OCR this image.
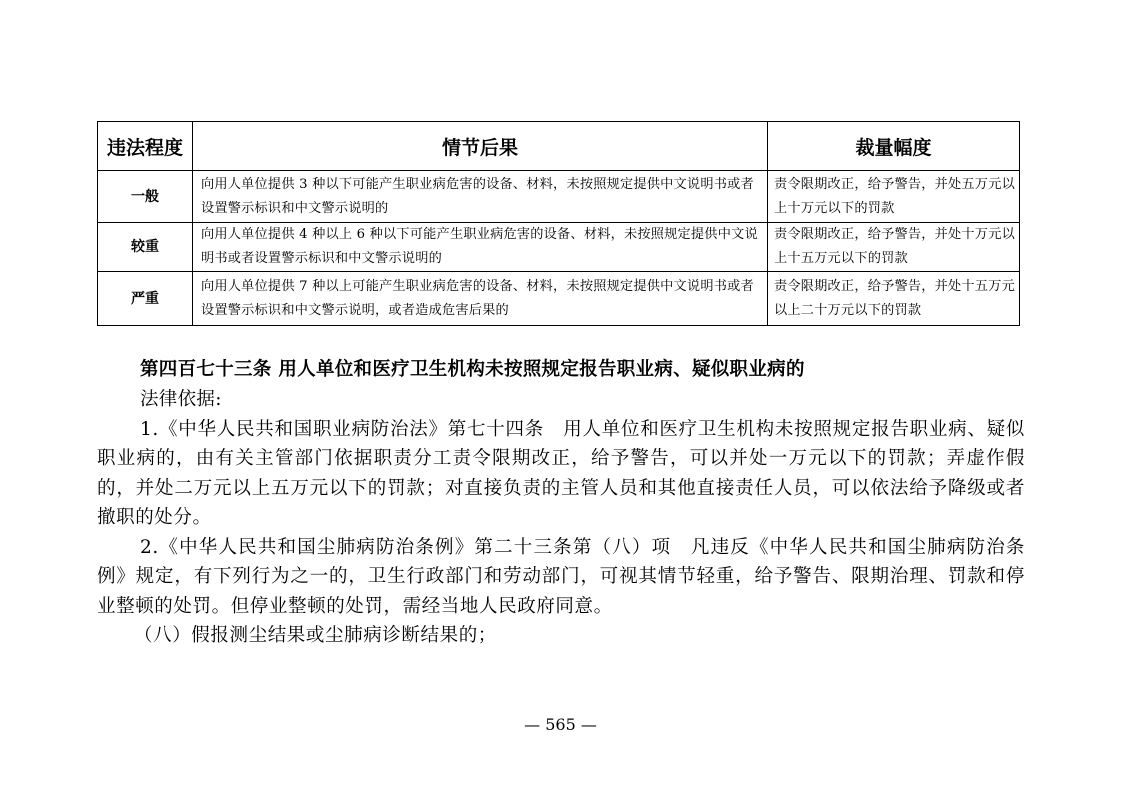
违法程度	情节后果	裁量幅度
一般	向用人单位提供 3 种以下可能产生职业病危害的设备、材料，未按照规定提供中文说明书或者设置警示标识和中文警示说明的	责令限期改正，给予警告，并处五万元以上十万元以下的罚款
较重	向用人单位提供 4 种以上 6 种以下可能产生职业病危害的设备、材料，未按照规定提供中文说明书或者设置警示标识和中文警示说明的	责令限期改正，给予警告，并处十万元以上十五万元以下的罚款
严重	向用人单位提供 7 种以上可能产生职业病危害的设备、材料，未按照规定提供中文说明书或者设置警示标识和中文警示说明，或者造成危害后果的	责令限期改正，给予警告，并处十五万元以上二十万元以下的罚款
第四百七十三条 用人单位和医疗卫生机构未按照规定报告职业病、疑似职业病的

法律依据:

1.《中华人民共和国职业病防治法》第七十四条　用人单位和医疗卫生机构未按照规定报告职业病、疑似职业病的，由有关主管部门依据职责分工责令限期改正，给予警告，可以并处一万元以下的罚款；弄虚作假的，并处二万元以上五万元以下的罚款；对直接负责的主管人员和其他直接责任人员，可以依法给予降级或者撤职的处分。

2.《中华人民共和国尘肺病防治条例》第二十三条第（八）项　凡违反《中华人民共和国尘肺病防治条例》规定，有下列行为之一的，卫生行政部门和劳动部门，可视其情节轻重，给予警告、限期治理、罚款和停业整顿的处罚。但停业整顿的处罚，需经当地人民政府同意。

（八）假报测尘结果或尘肺病诊断结果的；

— 565 —
